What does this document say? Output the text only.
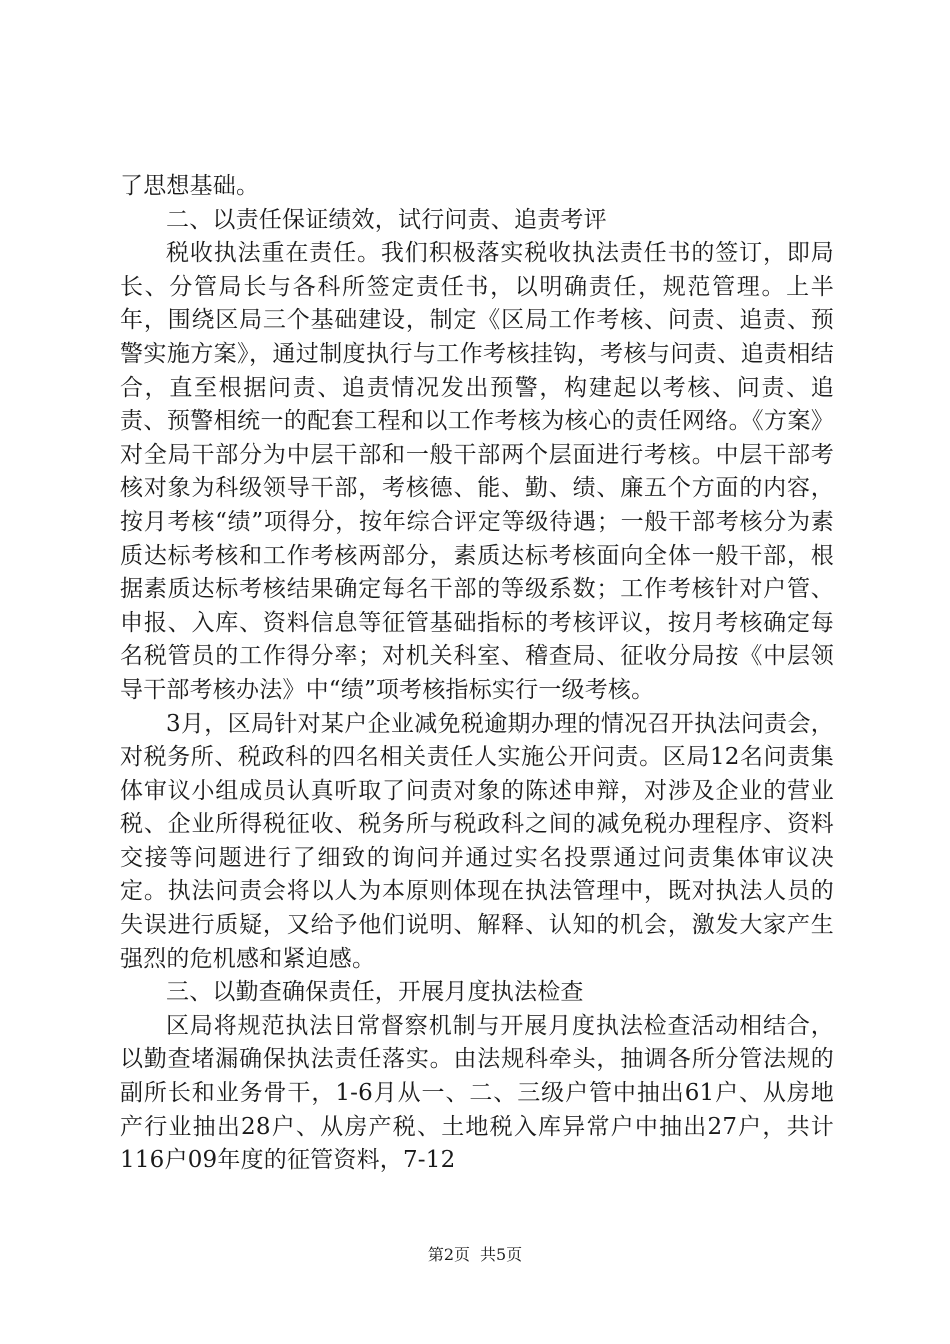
了思想基础。

二、以责任保证绩效，试行问责、追责考评

税收执法重在责任。我们积极落实税收执法责任书的签订，即局长、分管局长与各科所签定责任书，以明确责任，规范管理。上半年，围绕区局三个基础建设，制定《区局工作考核、问责、追责、预警实施方案》，通过制度执行与工作考核挂钩，考核与问责、追责相结合，直至根据问责、追责情况发出预警，构建起以考核、问责、追责、预警相统一的配套工程和以工作考核为核心的责任网络。《方案》对全局干部分为中层干部和一般干部两个层面进行考核。中层干部考核对象为科级领导干部，考核德、能、勤、绩、廉五个方面的内容，按月考核“绩”项得分，按年综合评定等级待遇；一般干部考核分为素质达标考核和工作考核两部分，素质达标考核面向全体一般干部，根据素质达标考核结果确定每名干部的等级系数；工作考核针对户管、申报、入库、资料信息等征管基础指标的考核评议，按月考核确定每名税管员的工作得分率；对机关科室、稽查局、征收分局按《中层领导干部考核办法》中“绩”项考核指标实行一级考核。

3月，区局针对某户企业减免税逾期办理的情况召开执法问责会，对税务所、税政科的四名相关责任人实施公开问责。区局12名问责集体审议小组成员认真听取了问责对象的陈述申辩，对涉及企业的营业税、企业所得税征收、税务所与税政科之间的减免税办理程序、资料交接等问题进行了细致的询问并通过实名投票通过问责集体审议决定。执法问责会将以人为本原则体现在执法管理中，既对执法人员的失误进行质疑，又给予他们说明、解释、认知的机会，激发大家产生强烈的危机感和紧迫感。

三、以勤查确保责任，开展月度执法检查

区局将规范执法日常督察机制与开展月度执法检查活动相结合，以勤查堵漏确保执法责任落实。由法规科牵头，抽调各所分管法规的副所长和业务骨干，1-6月从一、二、三级户管中抽出61户、从房地产行业抽出28户、从房产税、土地税入库异常户中抽出27户，共计116户09年度的征管资料，7-12

第2页 共5页
